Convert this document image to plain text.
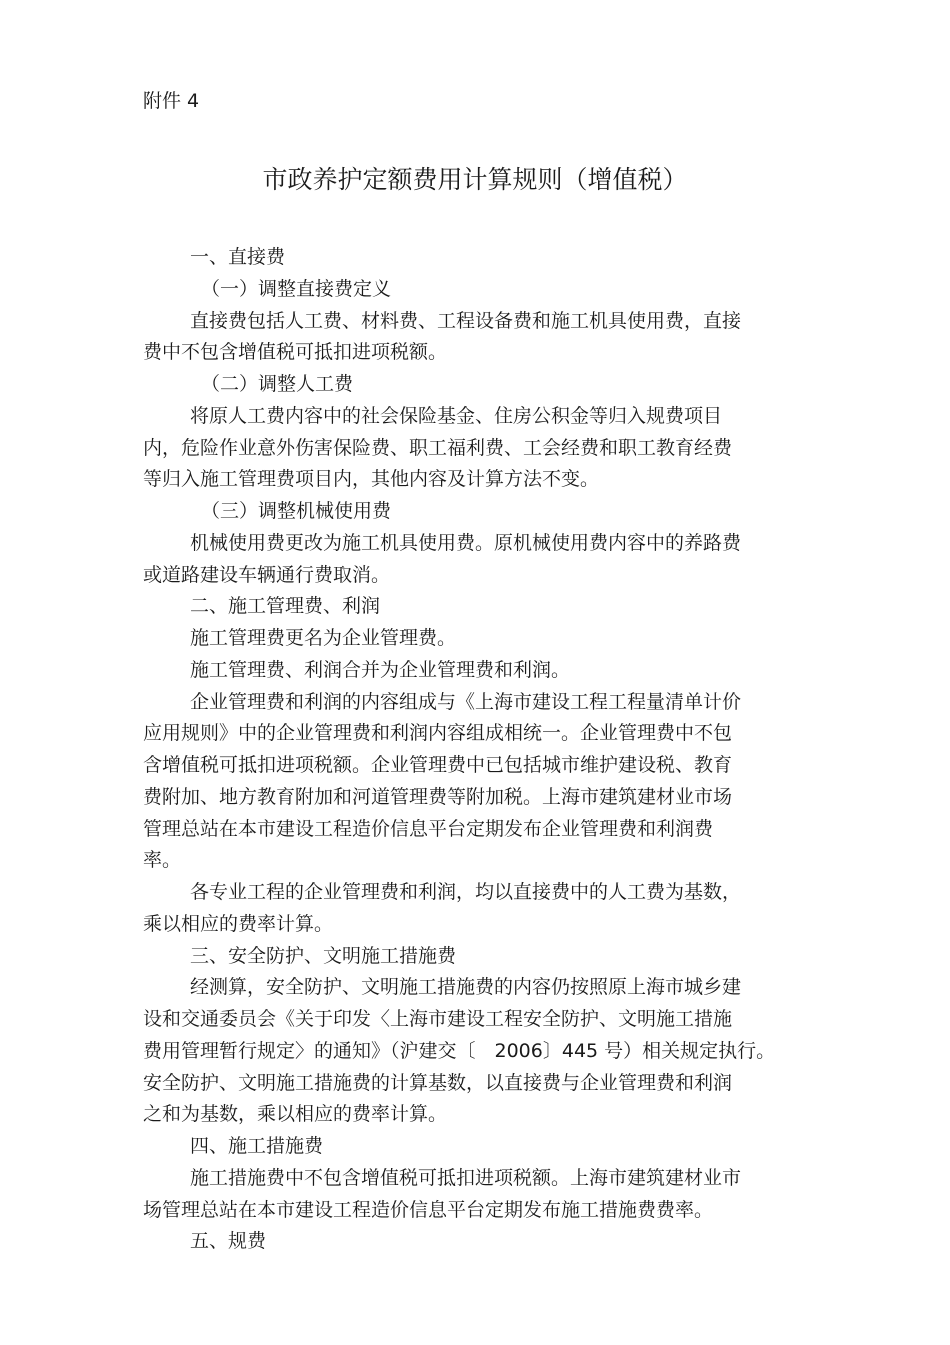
附件 4
市政养护定额费用计算规则（增值税）
一、直接费
（一）调整直接费定义
直接费包括人工费、材料费、工程设备费和施工机具使用费，直接
费中不包含增值税可抵扣进项税额。
（二）调整人工费
将原人工费内容中的社会保险基金、住房公积金等归入规费项目
内，危险作业意外伤害保险费、职工福利费、工会经费和职工教育经费
等归入施工管理费项目内，其他内容及计算方法不变。
（三）调整机械使用费
机械使用费更改为施工机具使用费。原机械使用费内容中的养路费
或道路建设车辆通行费取消。
二、施工管理费、利润
施工管理费更名为企业管理费。
施工管理费、利润合并为企业管理费和利润。
企业管理费和利润的内容组成与《上海市建设工程工程量清单计价
应用规则》中的企业管理费和利润内容组成相统一。企业管理费中不包
含增值税可抵扣进项税额。企业管理费中已包括城市维护建设税、教育
费附加、地方教育附加和河道管理费等附加税。上海市建筑建材业市场
管理总站在本市建设工程造价信息平台定期发布企业管理费和利润费
率。
各专业工程的企业管理费和利润，均以直接费中的人工费为基数，
乘以相应的费率计算。
三、安全防护、文明施工措施费
经测算，安全防护、文明施工措施费的内容仍按照原上海市城乡建
设和交通委员会《关于印发〈上海市建设工程安全防护、文明施工措施
费用管理暂行规定〉的通知》（沪建交〔　2006〕445 号）相关规定执行。
安全防护、文明施工措施费的计算基数，以直接费与企业管理费和利润
之和为基数，乘以相应的费率计算。
四、施工措施费
施工措施费中不包含增值税可抵扣进项税额。上海市建筑建材业市
场管理总站在本市建设工程造价信息平台定期发布施工措施费费率。
五、规费
